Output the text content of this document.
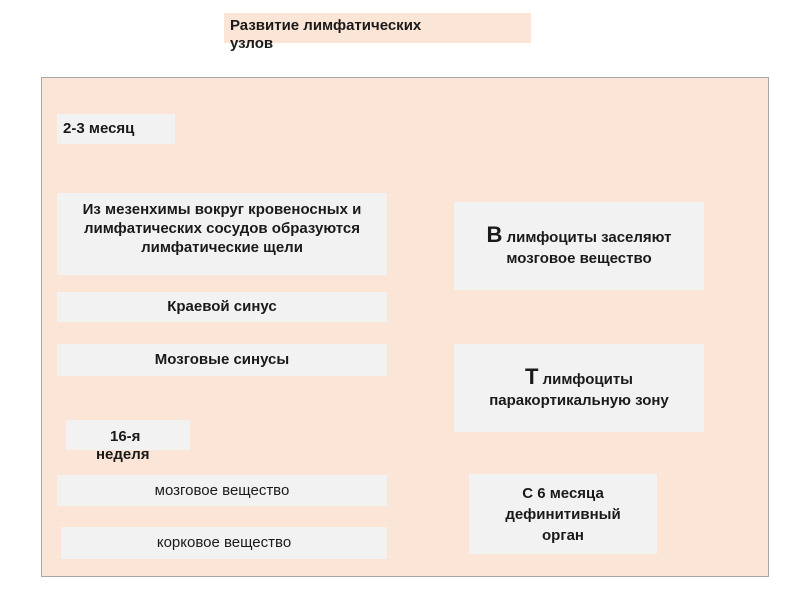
Развитие лимфатических
узлов
2-3 месяц
Из мезенхимы вокруг кровеносных и лимфатических сосудов образуются лимфатические щели
Краевой синус
Мозговые синусы
16-я
неделя
мозговое вещество
корковое вещество
В лимфоциты заселяют мозговое вещество
Т лимфоциты паракортикальную зону
С 6 месяца дефинитивный орган
